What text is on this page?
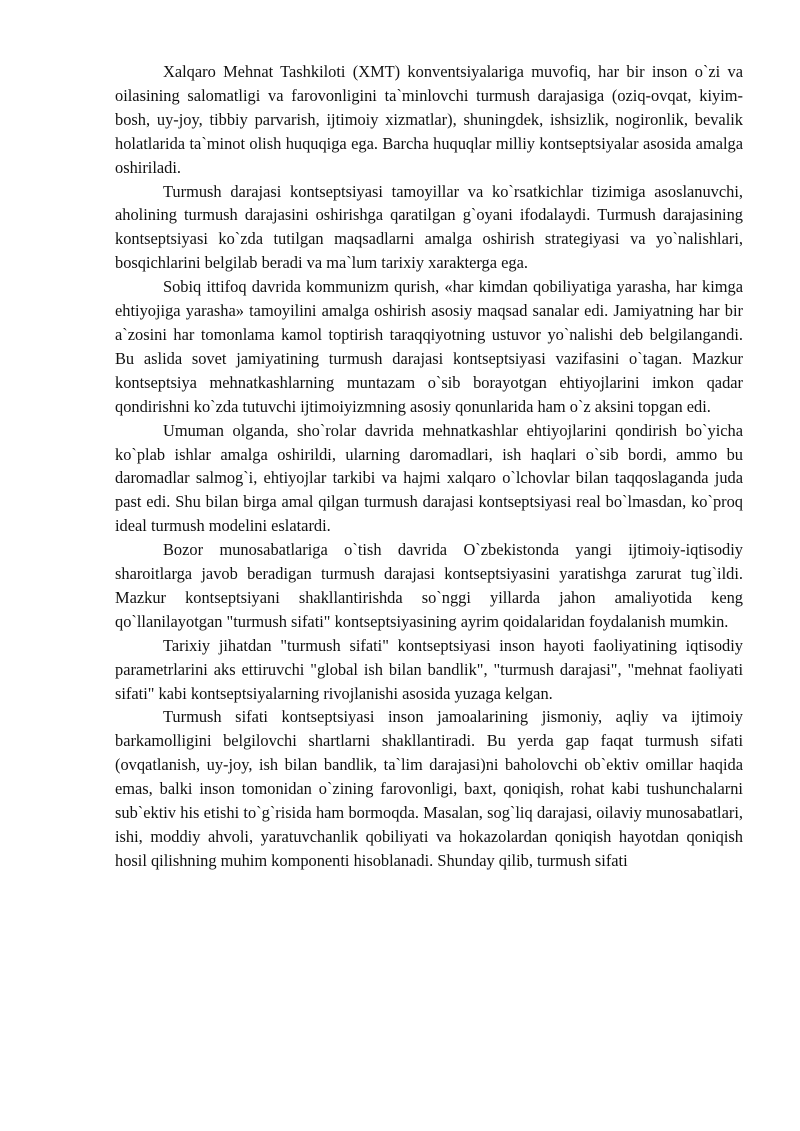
Xalqaro Mehnat Tashkiloti (XMT) konventsiyalariga muvofiq, har bir inson o`zi va oilasining salomatligi va farovonligini ta`minlovchi turmush darajasiga (oziq-ovqat, kiyim-bosh, uy-joy, tibbiy parvarish, ijtimoiy xizmatlar), shuningdek, ishsizlik, nogironlik, bevalik holatlarida ta`minot olish huquqiga ega. Barcha huquqlar milliy kontseptsiyalar asosida amalga oshiriladi.

Turmush darajasi kontseptsiyasi tamoyillar va ko`rsatkichlar tizimiga asoslanuvchi, aholining turmush darajasini oshirishga qaratilgan g`oyani ifodalaydi. Turmush darajasining kontseptsiyasi ko`zda tutilgan maqsadlarni amalga oshirish strategiyasi va yo`nalishlari, bosqichlarini belgilab beradi va ma`lum tarixiy xarakterga ega.

Sobiq ittifoq davrida kommunizm qurish, «har kimdan qobiliyatiga yarasha, har kimga ehtiyojiga yarasha» tamoyilini amalga oshirish asosiy maqsad sanalar edi. Jamiyatning har bir a`zosini har tomonlama kamol toptirish taraqqiyotning ustuvor yo`nalishi deb belgilangandi. Bu aslida sovet jamiyatining turmush darajasi kontseptsiyasi vazifasini o`tagan. Mazkur kontseptsiya mehnatkashlarning muntazam o`sib borayotgan ehtiyojlarini imkon qadar qondirishni ko`zda tutuvchi ijtimoiyizmning asosiy qonunlarida ham o`z aksini topgan edi.

Umuman olganda, sho`rolar davrida mehnatkashlar ehtiyojlarini qondirish bo`yicha ko`plab ishlar amalga oshirildi, ularning daromadlari, ish haqlari o`sib bordi, ammo bu daromadlar salmog`i, ehtiyojlar tarkibi va hajmi xalqaro o`lchovlar bilan taqqoslaganda juda past edi. Shu bilan birga amal qilgan turmush darajasi kontseptsiyasi real bo`lmasdan, ko`proq ideal turmush modelini eslatardi.

Bozor munosabatlariga o`tish davrida O`zbekistonda yangi ijtimoiy-iqtisodiy sharoitlarga javob beradigan turmush darajasi kontseptsiyasini yaratishga zarurat tug`ildi. Mazkur kontseptsiyani shakllantirishda so`nggi yillarda jahon amaliyotida keng qo`llanilayotgan "turmush sifati" kontseptsiyasining ayrim qoidalaridan foydalanish mumkin.

Tarixiy jihatdan "turmush sifati" kontseptsiyasi inson hayoti faoliyatining iqtisodiy parametrlarini aks ettiruvchi "global ish bilan bandlik", "turmush darajasi", "mehnat faoliyati sifati" kabi kontseptsiyalarning rivojlanishi asosida yuzaga kelgan.

Turmush sifati kontseptsiyasi inson jamoalarining jismoniy, aqliy va ijtimoiy barkamolligini belgilovchi shartlarni shakllantiradi. Bu yerda gap faqat turmush sifati (ovqatlanish, uy-joy, ish bilan bandlik, ta`lim darajasi)ni baholovchi ob`ektiv omillar haqida emas, balki inson tomonidan o`zining farovonligi, baxt, qoniqish, rohat kabi tushunchalarni sub`ektiv his etishi to`g`risida ham bormoqda. Masalan, sog`liq darajasi, oilaviy munosabatlari, ishi, moddiy ahvoli, yaratuvchanlik qobiliyati va hokazolardan qoniqish hayotdan qoniqish hosil qilishning muhim komponenti hisoblanadi. Shunday qilib, turmush sifati
